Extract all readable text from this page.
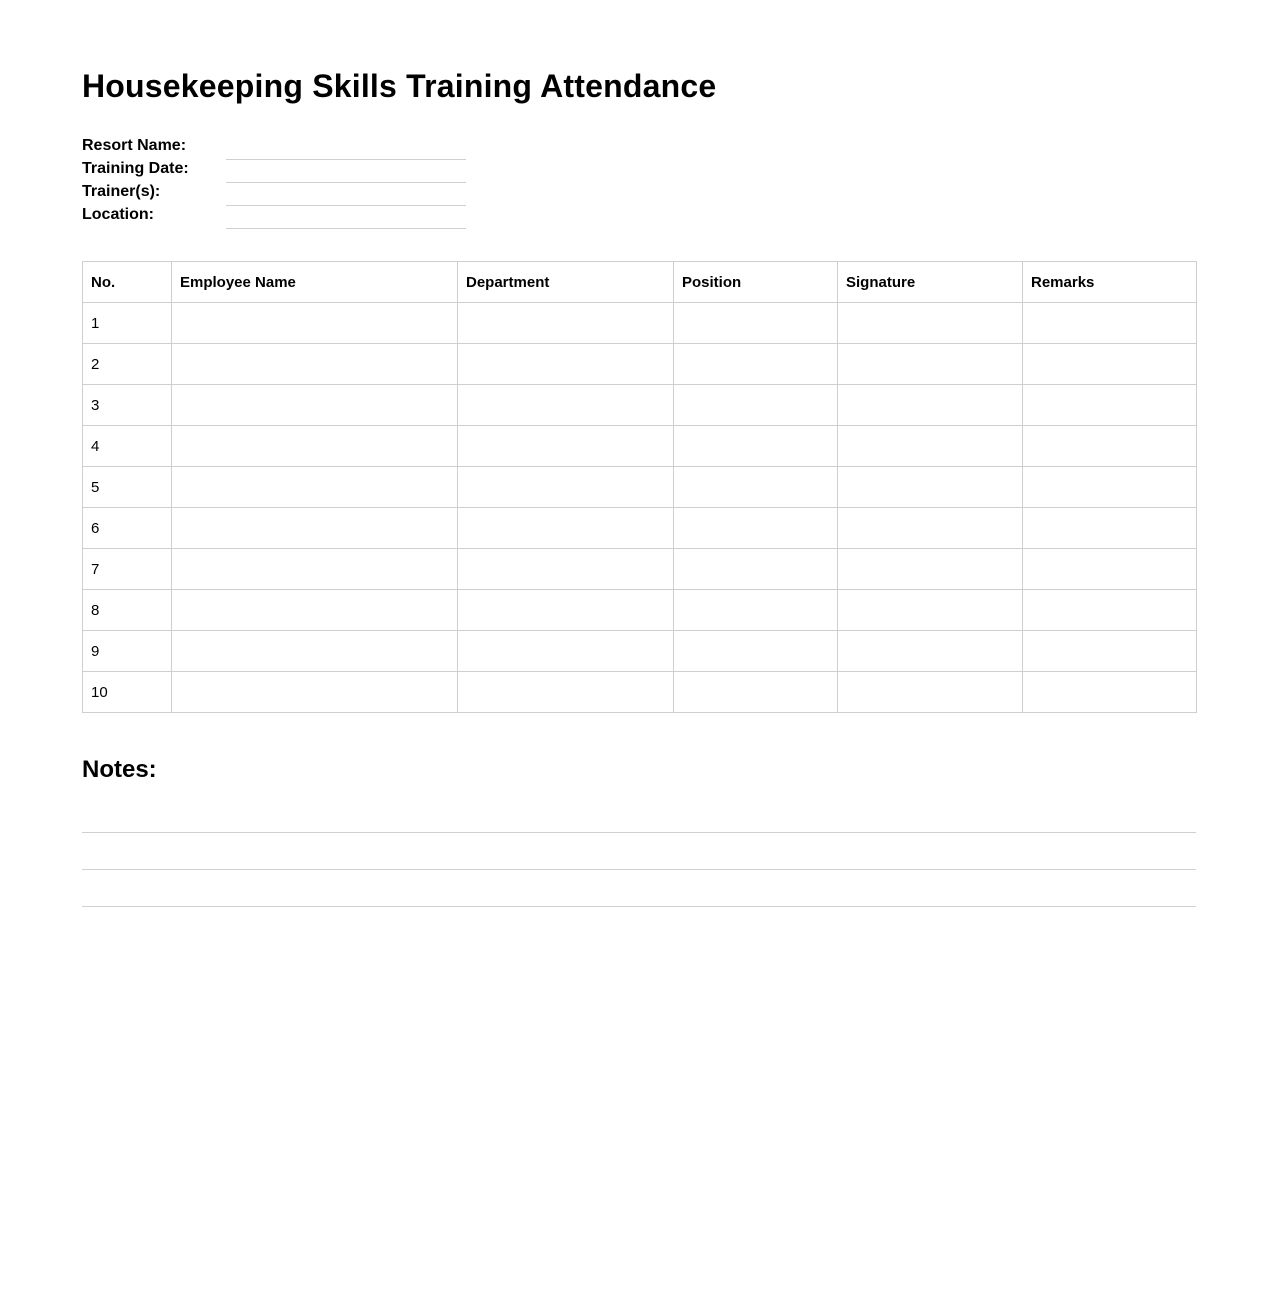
Housekeeping Skills Training Attendance
Resort Name:
Training Date:
Trainer(s):
Location:
No.	Employee Name	Department	Position	Signature	Remarks
1					
2					
3					
4					
5					
6					
7					
8					
9					
10					
Notes:
